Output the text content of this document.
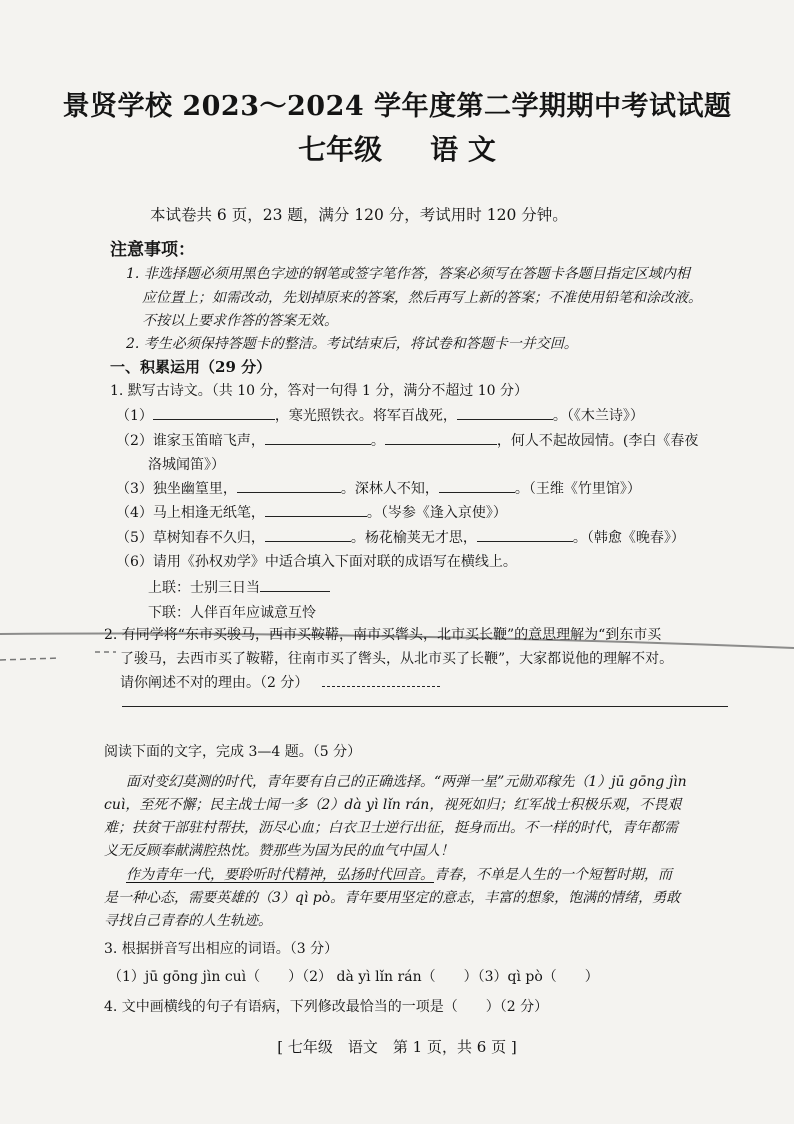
景贤学校 2023～2024 学年度第二学期期中考试试题
七年级 语 文
本试卷共 6 页，23 题，满分 120 分，考试用时 120 分钟。
注意事项：
1. 非选择题必须用黑色字迹的钢笔或签字笔作答，答案必须写在答题卡各题目指定区域内相
应位置上；如需改动，先划掉原来的答案，然后再写上新的答案；不准使用铅笔和涂改液。
不按以上要求作答的答案无效。
2. 考生必须保持答题卡的整洁。考试结束后，将试卷和答题卡一并交回。
一、积累运用（29 分）
1. 默写古诗文。（共 10 分，答对一句得 1 分，满分不超过 10 分）
（1）	，寒光照铁衣。将军百战死，	。（《木兰诗》）
（2）谁家玉笛暗飞声，	。	，何人不起故园情。(李白《春夜
洛城闻笛》）
（3）独坐幽篁里，	。深林人不知，	。（王维《竹里馆》）
（4）马上相逢无纸笔，	。（岑参《逢入京使》）
（5）草树知春不久归，	。杨花榆荚无才思，	。（韩愈《晚春》）
（6）请用《孙权劝学》中适合填入下面对联的成语写在横线上。
上联：士别三日当
下联：人伴百年应诚意互怜
2. 有同学将“东市买骏马，西市买鞍鞯，南市买辔头，北市买长鞭”的意思理解为“到东市买
了骏马，去西市买了鞍鞯，往南市买了辔头，从北市买了长鞭”，大家都说他的理解不对。
请你阐述不对的理由。（2 分）
阅读下面的文字，完成 3—4 题。（5 分）
面对变幻莫测的时代，青年要有自己的正确选择。“两弹一星”元勋邓稼先（1）jū gōng jìn
cuì，至死不懈；民主战士闻一多（2）dà yì lǐn rán，视死如归；红军战士积极乐观，不畏艰
难；扶贫干部驻村帮扶，沥尽心血；白衣卫士逆行出征，挺身而出。不一样的时代，青年都需
义无反顾奉献满腔热忱。赞那些为国为民的血气中国人！
作为青年一代，要聆听时代精神，弘扬时代回音。青春，不单是人生的一个短暂时期，而
是一种心态，需要英雄的（3）qì pò。青年要用坚定的意志，丰富的想象，饱满的情绪，勇敢
寻找自己青春的人生轨迹。
3. 根据拼音写出相应的词语。（3 分）
（1）jū gōng jìn cuì（　　）（2） dà yì lǐn rán（　　）（3）qì pò（　　）
4. 文中画横线的句子有语病，下列修改最恰当的一项是（　　）（2 分）
[ 七年级　语文　第 1 页，共 6 页 ]
